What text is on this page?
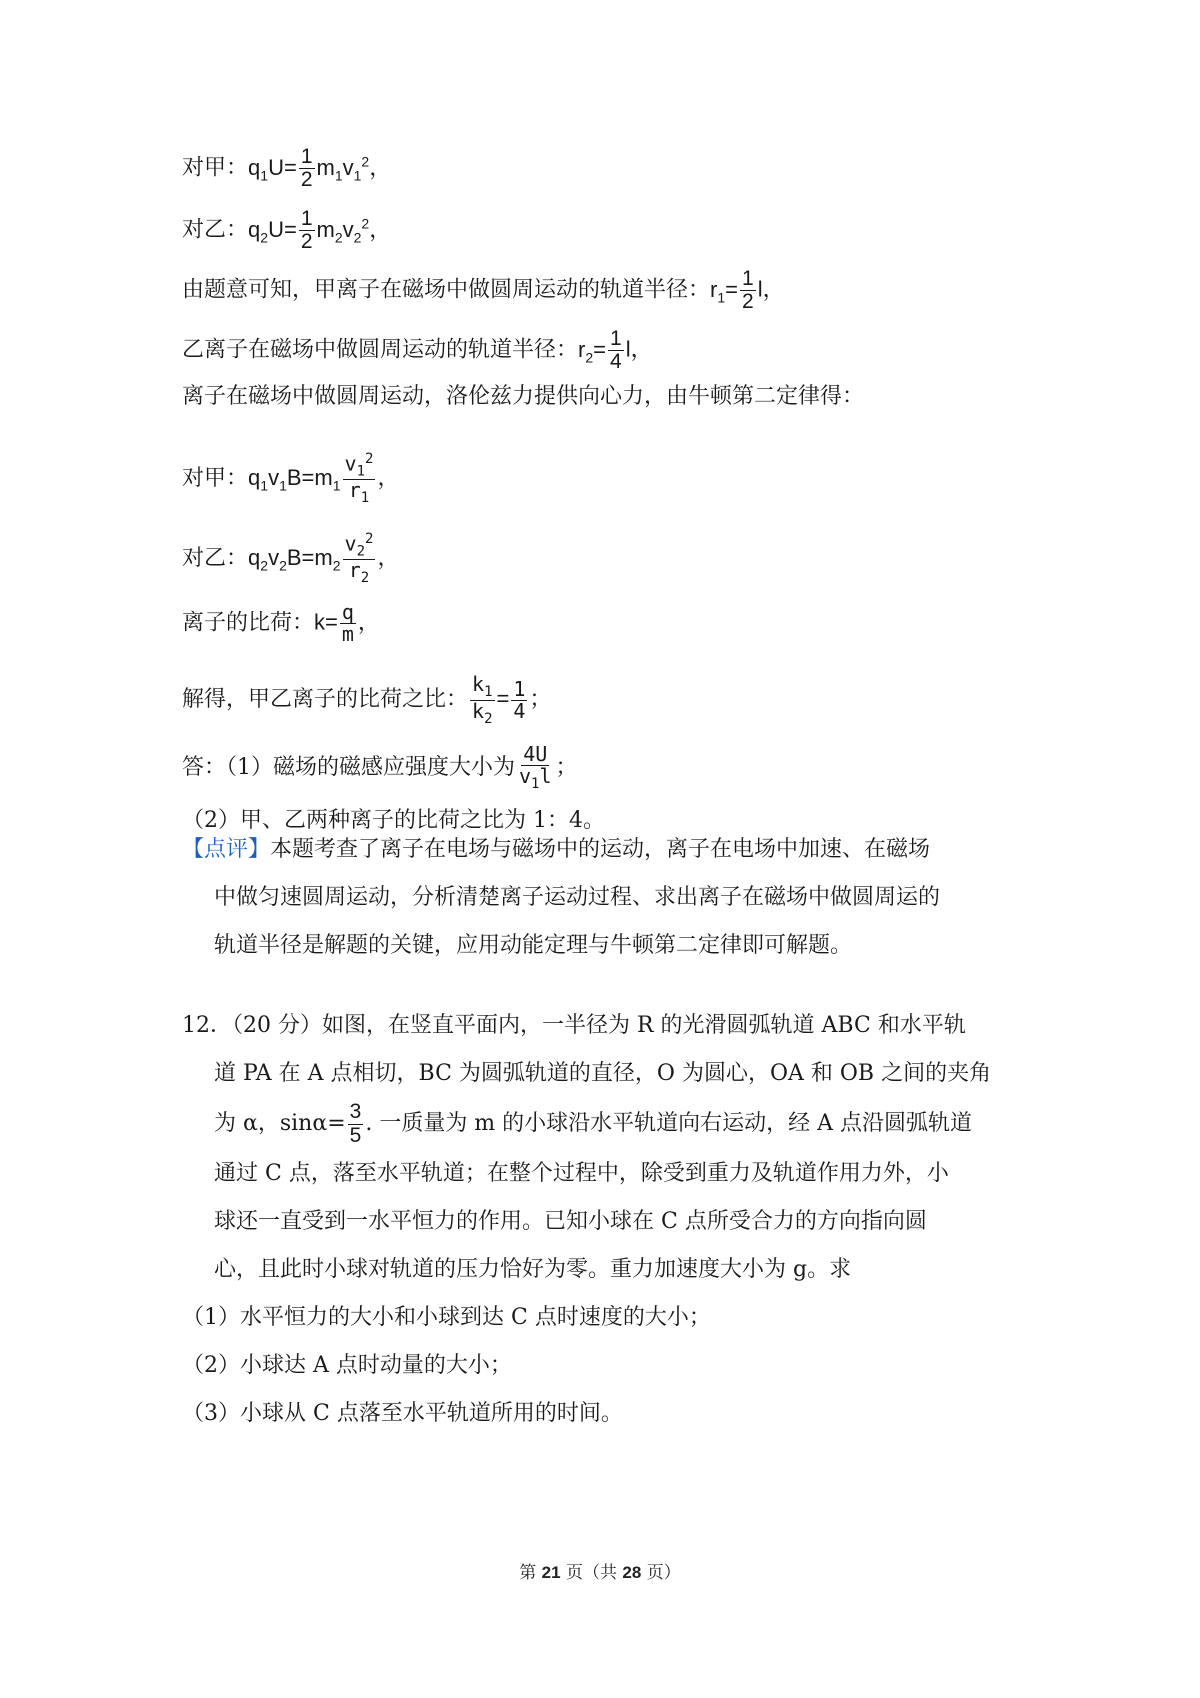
对甲：$q_1U= \frac{1}{2} m_1v_1^2$，
对乙：$q_2U= \frac{1}{2} m_2v_2^2$，
由题意可知，甲离子在磁场中做圆周运动的轨道半径：$r_1= \frac{1}{2}$ l，
乙离子在磁场中做圆周运动的轨道半径：$r_2= \frac{1}{4}$ l，
离子在磁场中做圆周运动，洛伦兹力提供向心力，由牛顿第二定律得：
对甲：$q_1v_1B=m_1 \frac{v_1^2}{r_1}$ ，
对乙：$q_2v_2B=m_2 \frac{v_2^2}{r_2}$ ，
离子的比荷：$k= \frac{q}{m}$ ，
解得，甲乙离子的比荷之比： $\frac{k_1}{k_2} = \frac{1}{4}$ ；
答：（1）磁场的磁感应强度大小为 $\frac{4U}{v_1l}$ ；
（2）甲、乙两种离子的比荷之比为 1：4。
【点评】本题考查了离子在电场与磁场中的运动，离子在电场中加速、在磁场
中做匀速圆周运动，分析清楚离子运动过程、求出离子在磁场中做圆周运的
轨道半径是解题的关键，应用动能定理与牛顿第二定律即可解题。
12．（20 分）如图，在竖直平面内，一半径为 R 的光滑圆弧轨道 ABC 和水平轨
道 PA 在 A 点相切，BC 为圆弧轨道的直径，O 为圆心，OA 和 OB 之间的夹角
为 α，$\sin\alpha= \frac{3}{5}$ . 一质量为 m 的小球沿水平轨道向右运动，经 A 点沿圆弧轨道
通过 C 点，落至水平轨道；在整个过程中，除受到重力及轨道作用力外，小
球还一直受到一水平恒力的作用。已知小球在 C 点所受合力的方向指向圆
心，且此时小球对轨道的压力恰好为零。重力加速度大小为 g。求
（1）水平恒力的大小和小球到达 C 点时速度的大小；
（2）小球达 A 点时动量的大小；
（3）小球从 C 点落至水平轨道所用的时间。
第 21 页（共 28 页）
